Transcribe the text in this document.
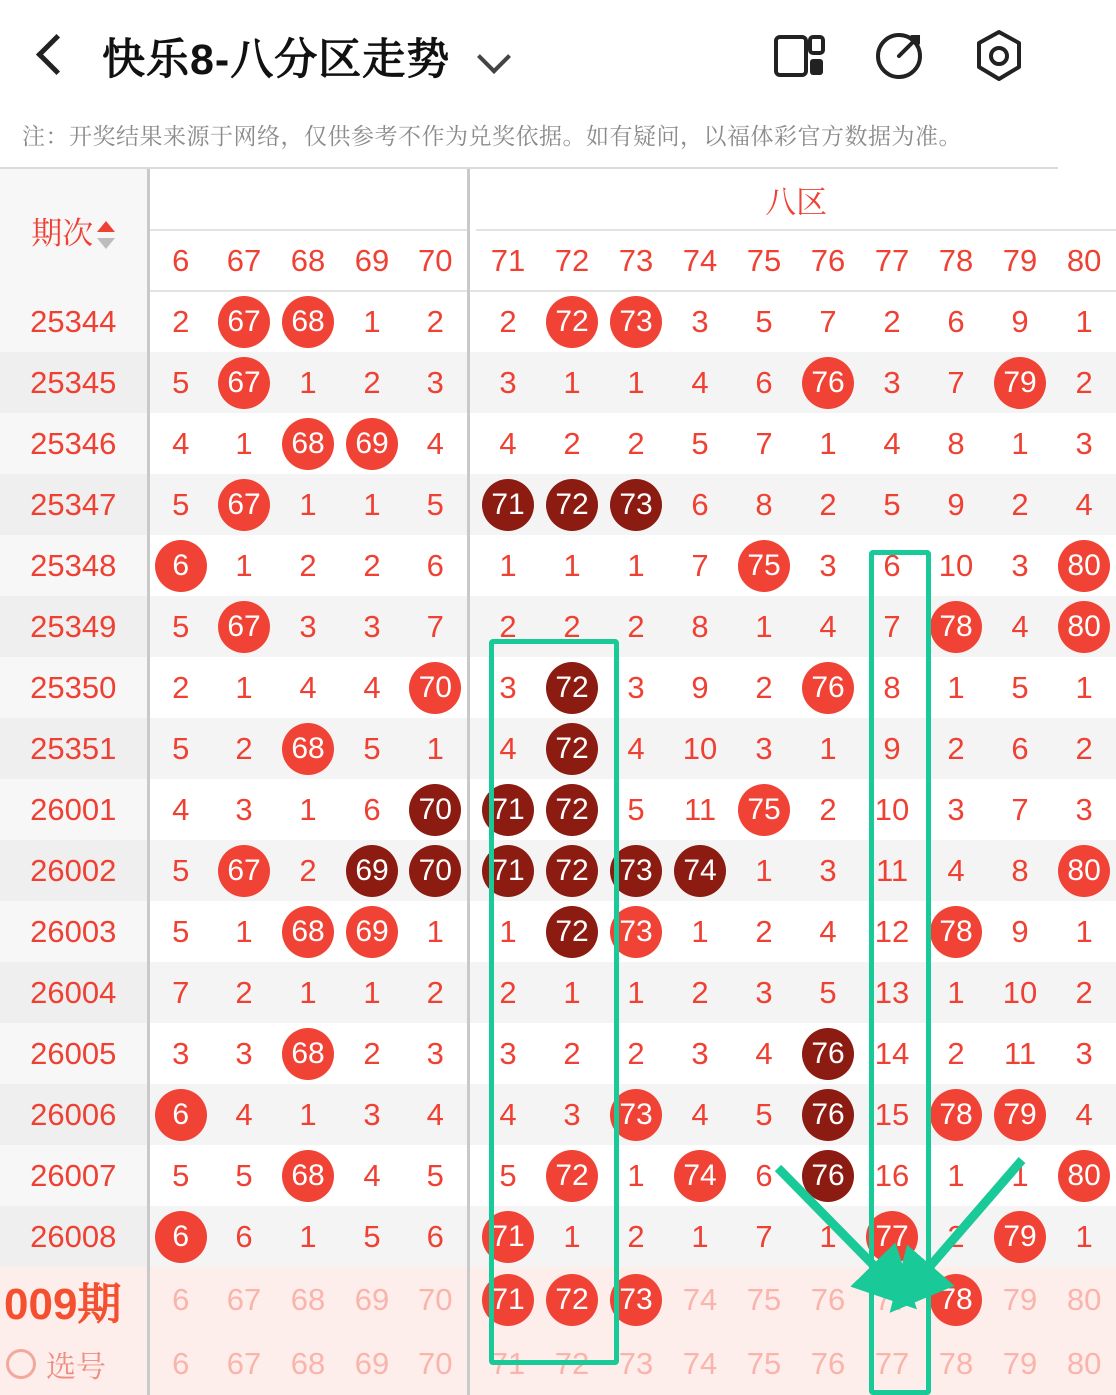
快乐8-八分区走势
注：开奖结果来源于网络，仅供参考不作为兑奖依据。如有疑问，以福体彩官方数据为准。
期次							八区									
	6	67	68	69	70		71	72	73	74	75	76	77	78	79	80
25344	2	67	68	1	2		2	72	73	3	5	7	2	6	9	1
25345	5	67	1	2	3		3	1	1	4	6	76	3	7	79	2
25346	4	1	68	69	4		4	2	2	5	7	1	4	8	1	3
25347	5	67	1	1	5		71	72	73	6	8	2	5	9	2	4
25348	6	1	2	2	6		1	1	1	7	75	3	6	10	3	80
25349	5	67	3	3	7		2	2	2	8	1	4	7	78	4	80
25350	2	1	4	4	70		3	72	3	9	2	76	8	1	5	1
25351	5	2	68	5	1		4	72	4	10	3	1	9	2	6	2
26001	4	3	1	6	70		71	72	5	11	75	2	10	3	7	3
26002	5	67	2	69	70		71	72	73	74	1	3	11	4	8	80
26003	5	1	68	69	1		1	72	73	1	2	4	12	78	9	1
26004	7	2	1	1	2		2	1	1	2	3	5	13	1	10	2
26005	3	3	68	2	3		3	2	2	3	4	76	14	2	11	3
26006	6	4	1	3	4		4	3	73	4	5	76	15	78	79	4
26007	5	5	68	4	5		5	72	1	74	6	76	16	1	1	80
26008	6	6	1	5	6		71	1	2	1	7	1	77	2	79	1
009期	6	67	68	69	70		71	72	73	74	75	76	77	78	79	80

选号	6	67	68	69	70		71	72	73	74	75	76	77	78	79	80
